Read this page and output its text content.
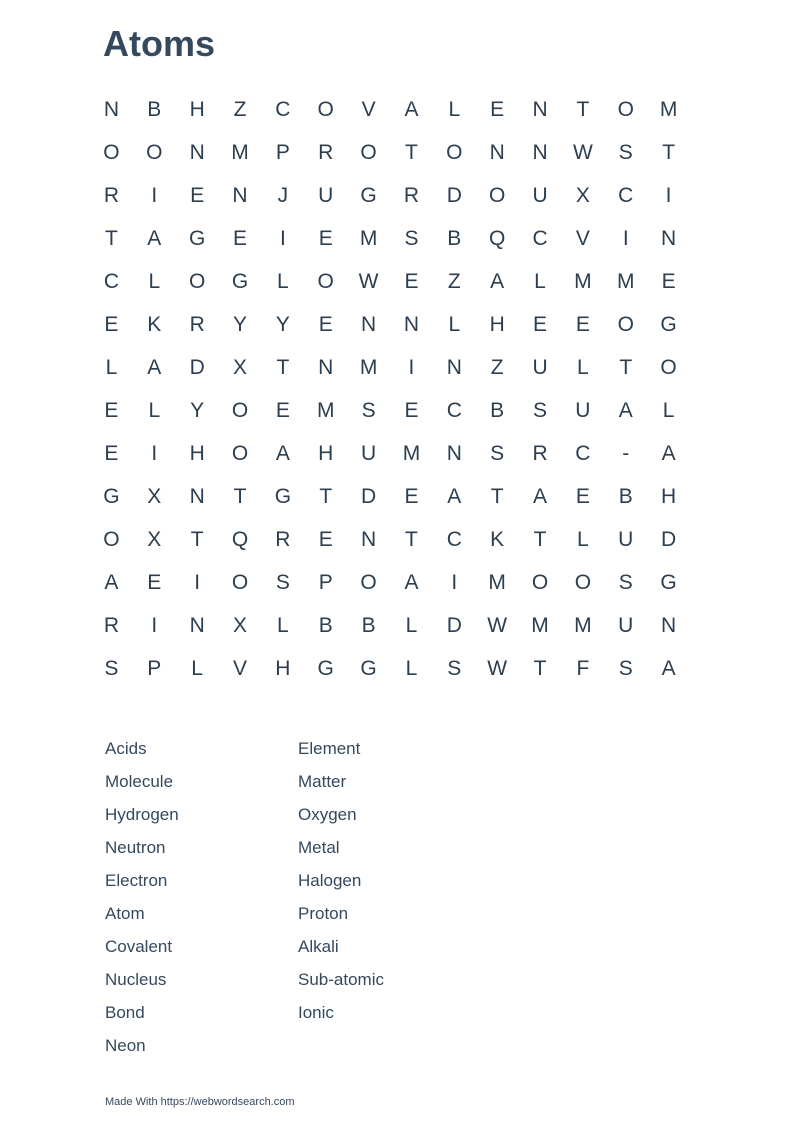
Atoms
N	B	H	Z	C	O	V	A	L	E	N	T	O	M
O	O	N	M	P	R	O	T	O	N	N	W	S	T
R	I	E	N	J	U	G	R	D	O	U	X	C	I
T	A	G	E	I	E	M	S	B	Q	C	V	I	N
C	L	O	G	L	O	W	E	Z	A	L	M	M	E
E	K	R	Y	Y	E	N	N	L	H	E	E	O	G
L	A	D	X	T	N	M	I	N	Z	U	L	T	O
E	L	Y	O	E	M	S	E	C	B	S	U	A	L
E	I	H	O	A	H	U	M	N	S	R	C	-	A
G	X	N	T	G	T	D	E	A	T	A	E	B	H
O	X	T	Q	R	E	N	T	C	K	T	L	U	D
A	E	I	O	S	P	O	A	I	M	O	O	S	G
R	I	N	X	L	B	B	L	D	W	M	M	U	N
S	P	L	V	H	G	G	L	S	W	T	F	S	A
Acids
Molecule
Hydrogen
Neutron
Electron
Atom
Covalent
Nucleus
Bond
Neon
Element
Matter
Oxygen
Metal
Halogen
Proton
Alkali
Sub-atomic
Ionic
Made With https://webwordsearch.com
